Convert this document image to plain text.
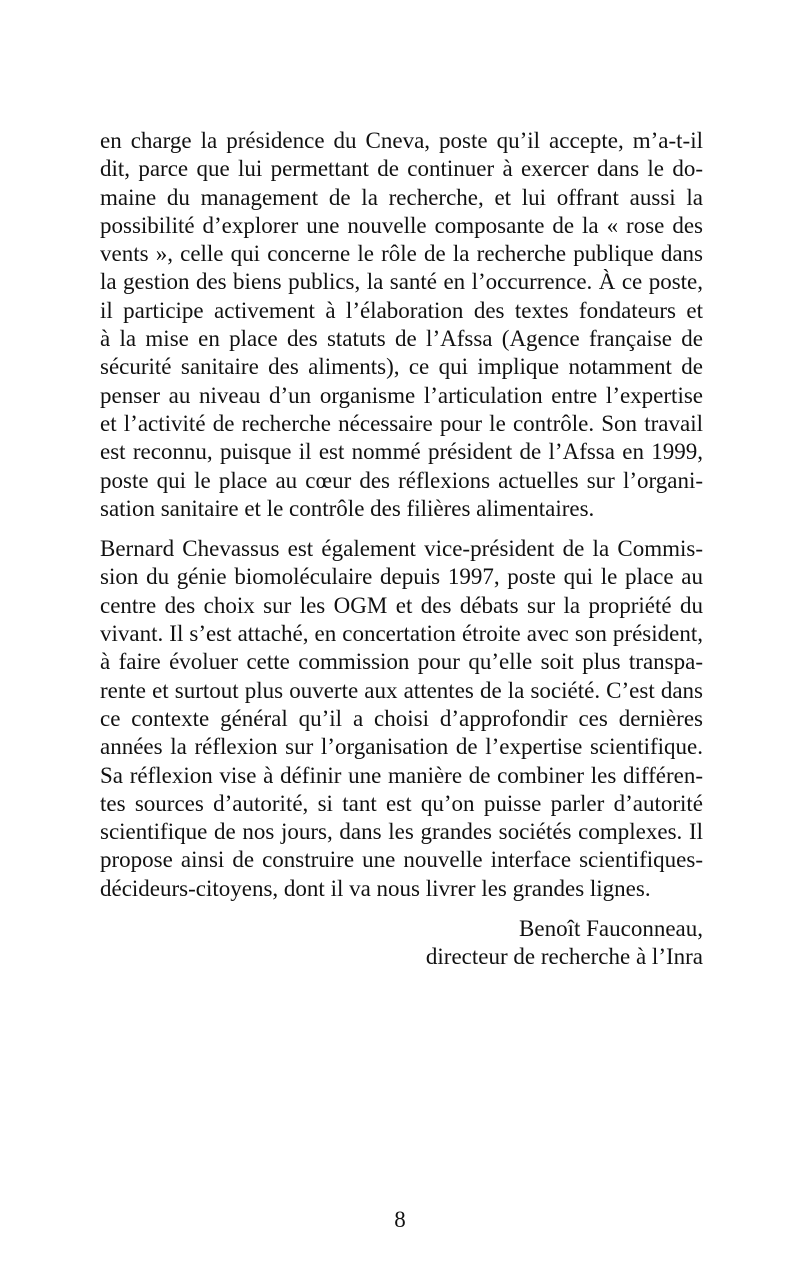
en charge la présidence du Cneva, poste qu’il accepte, m’a-t-il
dit, parce que lui permettant de continuer à exercer dans le do-
maine du management de la recherche, et lui offrant aussi la
possibilité d’explorer une nouvelle composante de la « rose des
vents », celle qui concerne le rôle de la recherche publique dans
la gestion des biens publics, la santé en l’occurrence. À ce poste,
il participe activement à l’élaboration des textes fondateurs et
à la mise en place des statuts de l’Afssa (Agence française de
sécurité sanitaire des aliments), ce qui implique notamment de
penser au niveau d’un organisme l’articulation entre l’expertise
et l’activité de recherche nécessaire pour le contrôle. Son travail
est reconnu, puisque il est nommé président de l’Afssa en 1999,
poste qui le place au cœur des réflexions actuelles sur l’organi-
sation sanitaire et le contrôle des filières alimentaires.
Bernard Chevassus est également vice-président de la Commis-
sion du génie biomoléculaire depuis 1997, poste qui le place au
centre des choix sur les OGM et des débats sur la propriété du
vivant. Il s’est attaché, en concertation étroite avec son président,
à faire évoluer cette commission pour qu’elle soit plus transpa-
rente et surtout plus ouverte aux attentes de la société. C’est dans
ce contexte général qu’il a choisi d’approfondir ces dernières
années la réflexion sur l’organisation de l’expertise scientifique.
Sa réflexion vise à définir une manière de combiner les différen-
tes sources d’autorité, si tant est qu’on puisse parler d’autorité
scientifique de nos jours, dans les grandes sociétés complexes. Il
propose ainsi de construire une nouvelle interface scientifiques-
décideurs-citoyens, dont il va nous livrer les grandes lignes.
Benoît Fauconneau,
directeur de recherche à l’Inra
8
